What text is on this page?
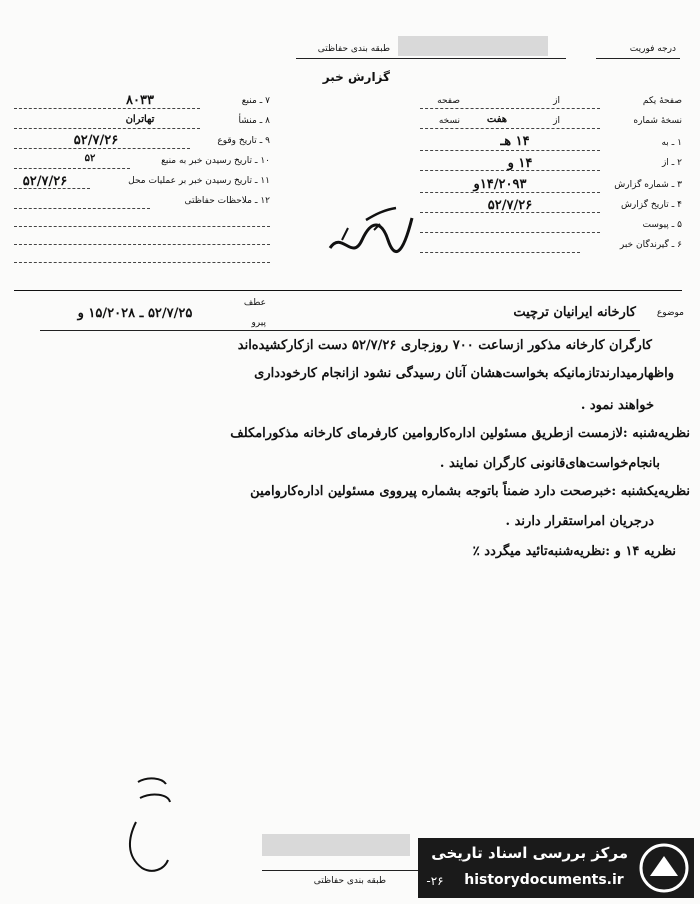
طبقه بندی حفاظتی	درجه فوریت
گزارش خبر
صفحهٔ یکم
از
صفحه
نسخهٔ شماره
از
هفت
نسخه
۱ ـ به
۱۴ هـ
۲ ـ از
۱۴ و
۳ ـ شماره گزارش
۱۴/۲۰۹۳و
۴ ـ تاریخ گزارش
۵۲/۷/۲۶
۵ ـ پیوست
۶ ـ گیرندگان خبر
۷ ـ منبع
۸۰۳۳
۸ ـ منشأ
تهاتران
۹ ـ تاریخ وقوع
۵۲/۷/۲۶
۱۰ ـ تاریخ رسیدن خبر به منبع
۵۲
۱۱ ـ تاریخ رسیدن خبر بر عملیات محل
۵۲/۷/۲۶
۱۲ ـ ملاحظات حفاظتی
موضوع
کارخانه ایرانیان ترچیت
عطف
پیرو
۵۲/۷/۲۵ ـ ۱۵/۲۰۲۸ و
کارگران کارخانه مذکور ازساعت ۷۰۰ روزجاری ۵۲/۷/۲۶ دست ازکارکشیده‌اند
واظهارمیدارندتازمانیکه بخواست‌هشان آنان رسیدگی نشود ازانجام کارخودداری
خواهند نمود .
نظریه‌شنبه :لازمست ازطریق مسئولین اداره‌کاروامین کارفرمای کارخانه مذکورامکلف
بانجام‌خواست‌های‌قانونی کارگران نمایند .
نظریه‌یکشنبه :خبرصحت دارد ضمناً باتوجه بشماره پیرووی مسئولین اداره‌کاروامین
درجریان امراستقرار دارند .
نظریه ۱۴ و :نظریه‌شنبه‌تائید میگردد ٪
طبقه بندی حفاظتی
مرکز بررسی اسناد تاریخی
historydocuments.ir
-۲۶
